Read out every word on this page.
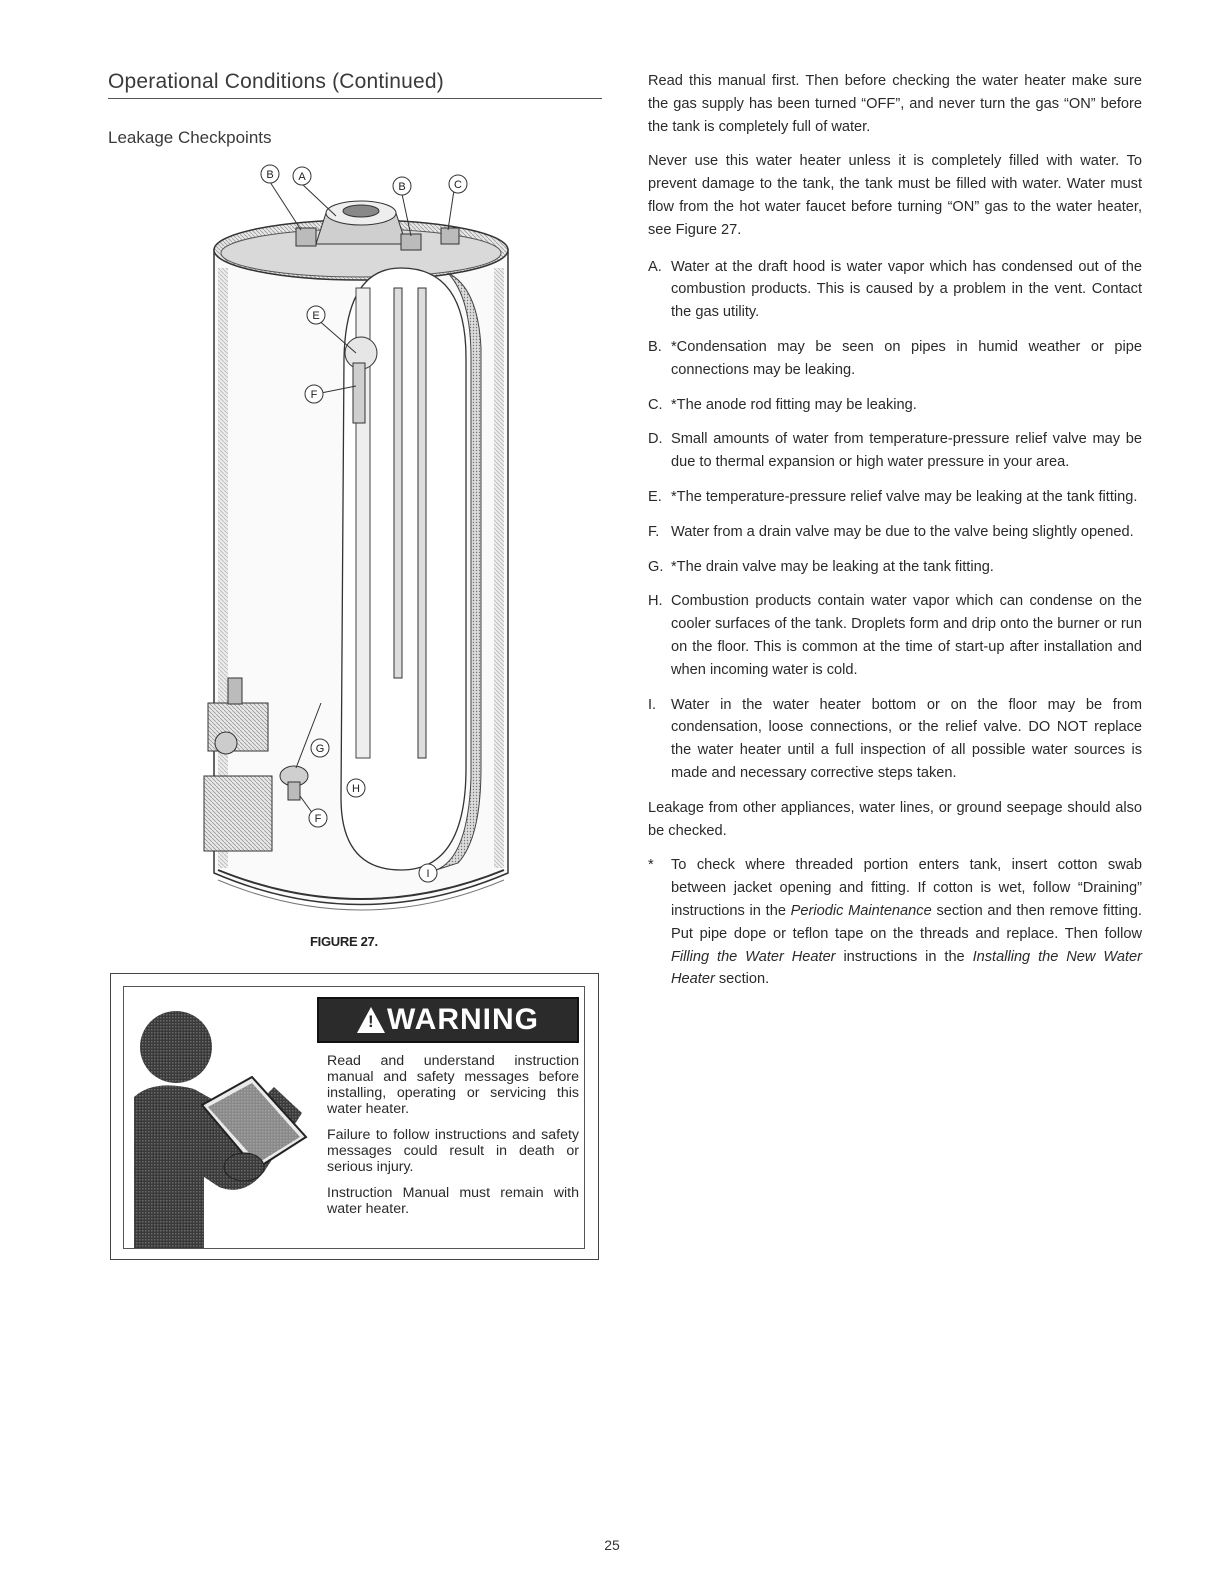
Operational Conditions (Continued)
Leakage Checkpoints
B A
B	C
E
F
G
F
H
I

FIGURE 27.

!
WARNING

Read and understand instruction manual and safety messages before installing, operating or servicing this water heater.

Failure to follow instructions and safety messages could result in death or serious injury.

Instruction Manual must remain with water heater.

Read this manual first. Then before checking the water heater make sure the gas supply has been turned “OFF”, and never turn the gas “ON” before the tank is completely full of water.

Never use this water heater unless it is completely filled with water. To prevent damage to the tank, the tank must be filled with water. Water must flow from the hot water faucet before turning “ON” gas to the water heater, see Figure 27.

A. Water at the draft hood is water vapor which has condensed out of the combustion products. This is caused by a problem in the vent. Contact the gas utility.
B. *Condensation may be seen on pipes in humid weather or pipe connections may be leaking.
C. *The anode rod fitting may be leaking.
D. Small amounts of water from temperature-pressure relief valve may be due to thermal expansion or high water pressure in your area.
E. *The temperature-pressure relief valve may be leaking at the tank fitting.
F. Water from a drain valve may be due to the valve being slightly opened.
G. *The drain valve may be leaking at the tank fitting.
H. Combustion products contain water vapor which can condense on the cooler surfaces of the tank. Droplets form and drip onto the burner or run on the floor. This is common at the time of start-up after installation and when incoming water is cold.
I. Water in the water heater bottom or on the floor may be from condensation, loose connections, or the relief valve. DO NOT replace the water heater until a full inspection of all possible water sources is made and necessary corrective steps taken.

Leakage from other appliances, water lines, or ground seepage should also be checked.

* To check where threaded portion enters tank, insert cotton swab between jacket opening and fitting. If cotton is wet, follow “Draining” instructions in the Periodic Maintenance section and then remove fitting. Put pipe dope or teflon tape on the threads and replace. Then follow Filling the Water Heater instructions in the Installing the New Water Heater section.

25
